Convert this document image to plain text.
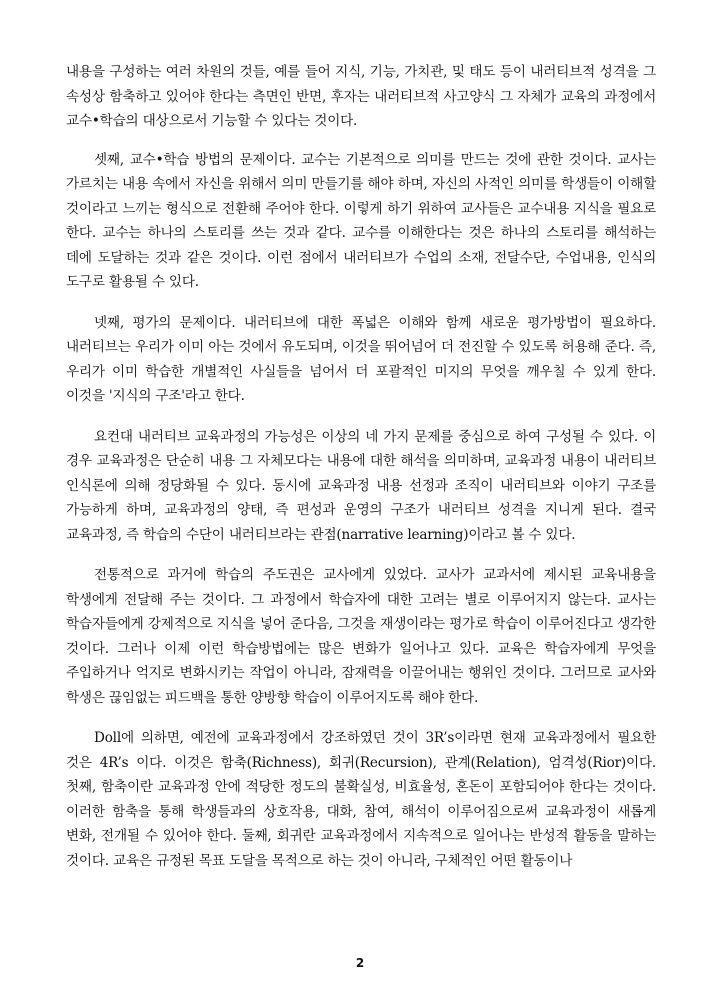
내용을 구성하는 여러 차원의 것들, 예를 들어 지식, 기능, 가치관, 및 태도 등이 내러티브적 성격을 그 속성상 함축하고 있어야 한다는 측면인 반면, 후자는 내러티브적 사고양식 그 자체가 교육의 과정에서 교수•학습의 대상으로서 기능할 수 있다는 것이다.

셋째, 교수•학습 방법의 문제이다. 교수는 기본적으로 의미를 만드는 것에 관한 것이다. 교사는 가르치는 내용 속에서 자신을 위해서 의미 만들기를 해야 하며, 자신의 사적인 의미를 학생들이 이해할 것이라고 느끼는 형식으로 전환해 주어야 한다. 이렇게 하기 위하여 교사들은 교수내용 지식을 필요로 한다. 교수는 하나의 스토리를 쓰는 것과 같다. 교수를 이해한다는 것은 하나의 스토리를 해석하는 데에 도달하는 것과 같은 것이다. 이런 점에서 내러티브가 수업의 소재, 전달수단, 수업내용, 인식의 도구로 활용될 수 있다.

넷째, 평가의 문제이다. 내러티브에 대한 폭넓은 이해와 함께 새로운 평가방법이 필요하다. 내러티브는 우리가 이미 아는 것에서 유도되며, 이것을 뛰어넘어 더 전진할 수 있도록 허용해 준다. 즉, 우리가 이미 학습한 개별적인 사실들을 넘어서 더 포괄적인 미지의 무엇을 깨우칠 수 있게 한다. 이것을 '지식의 구조'라고 한다.

요컨대 내러티브 교육과정의 가능성은 이상의 네 가지 문제를 중심으로 하여 구성될 수 있다. 이 경우 교육과정은 단순히 내용 그 자체모다는 내용에 대한 해석을 의미하며, 교육과정 내용이 내러티브 인식론에 의해 정당화될 수 있다. 동시에 교육과정 내용 선정과 조직이 내러티브와 이야기 구조를 가능하게 하며, 교육과정의 양태, 즉 편성과 운영의 구조가 내러티브 성격을 지니게 된다. 결국 교육과정, 즉 학습의 수단이 내러티브라는 관점(narrative learning)이라고 볼 수 있다.

전통적으로 과거에 학습의 주도권은 교사에게 있었다. 교사가 교과서에 제시된 교육내용을 학생에게 전달해 주는 것이다. 그 과정에서 학습자에 대한 고려는 별로 이루어지지 않는다. 교사는 학습자들에게 강제적으로 지식을 넣어 준다음, 그것을 재생이라는 평가로 학습이 이루어진다고 생각한 것이다. 그러나 이제 이런 학습방법에는 많은 변화가 일어나고 있다. 교육은 학습자에게 무엇을 주입하거나 억지로 변화시키는 작업이 아니라, 잠재력을 이끌어내는 행위인 것이다. 그러므로 교사와 학생은 끊임없는 피드백을 통한 양방향 학습이 이루어지도록 해야 한다.

Doll에 의하면, 예전에 교육과정에서 강조하였던 것이 3R’s이라면 현재 교육과정에서 필요한 것은 4R’s 이다. 이것은 함축(Richness), 회귀(Recursion), 관계(Relation), 엄격성(Rior)이다. 첫째, 함축이란 교육과정 안에 적당한 정도의 불확실성, 비효율성, 혼돈이 포함되어야 한다는 것이다. 이러한 함축을 통해 학생들과의 상호작용, 대화, 참여, 해석이 이루어짐으로써 교육과정이 새롭게 변화, 전개될 수 있어야 한다. 둘째, 회귀란 교육과정에서 지속적으로 일어나는 반성적 활동을 말하는 것이다. 교육은 규정된 목표 도달을 목적으로 하는 것이 아니라, 구체적인 어떤 활동이나

2
